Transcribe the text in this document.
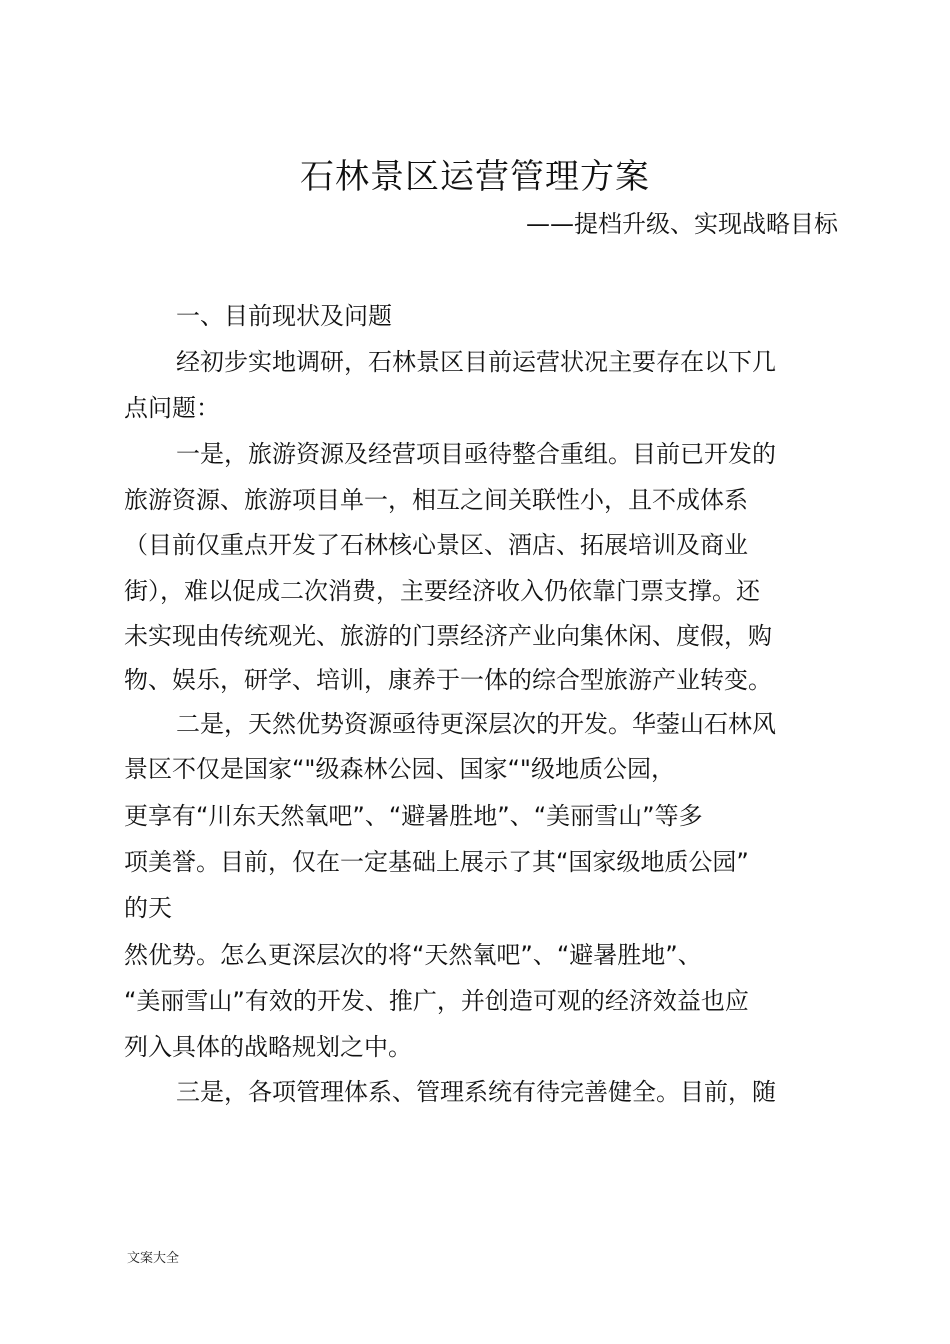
石林景区运营管理方案
——提档升级、实现战略目标
一、目前现状及问题
经初步实地调研，石林景区目前运营状况主要存在以下几
点问题：
一是，旅游资源及经营项目亟待整合重组。目前已开发的
旅游资源、旅游项目单一，相互之间关联性小，且不成体系
（目前仅重点开发了石林核心景区、酒店、拓展培训及商业
街），难以促成二次消费，主要经济收入仍依靠门票支撑。还
未实现由传统观光、旅游的门票经济产业向集休闲、度假，购
物、娱乐，研学、培训，康养于一体的综合型旅游产业转变。
二是，天然优势资源亟待更深层次的开发。华蓥山石林风
景区不仅是国家“"级森林公园、国家“"级地质公园，
更享有“川东天然氧吧”、“避暑胜地”、“美丽雪山”等多
项美誉。目前，仅在一定基础上展示了其“国家级地质公园”
的天
然优势。怎么更深层次的将“天然氧吧”、“避暑胜地”、
“美丽雪山”有效的开发、推广，并创造可观的经济效益也应
列入具体的战略规划之中。
三是，各项管理体系、管理系统有待完善健全。目前，随
文案大全
